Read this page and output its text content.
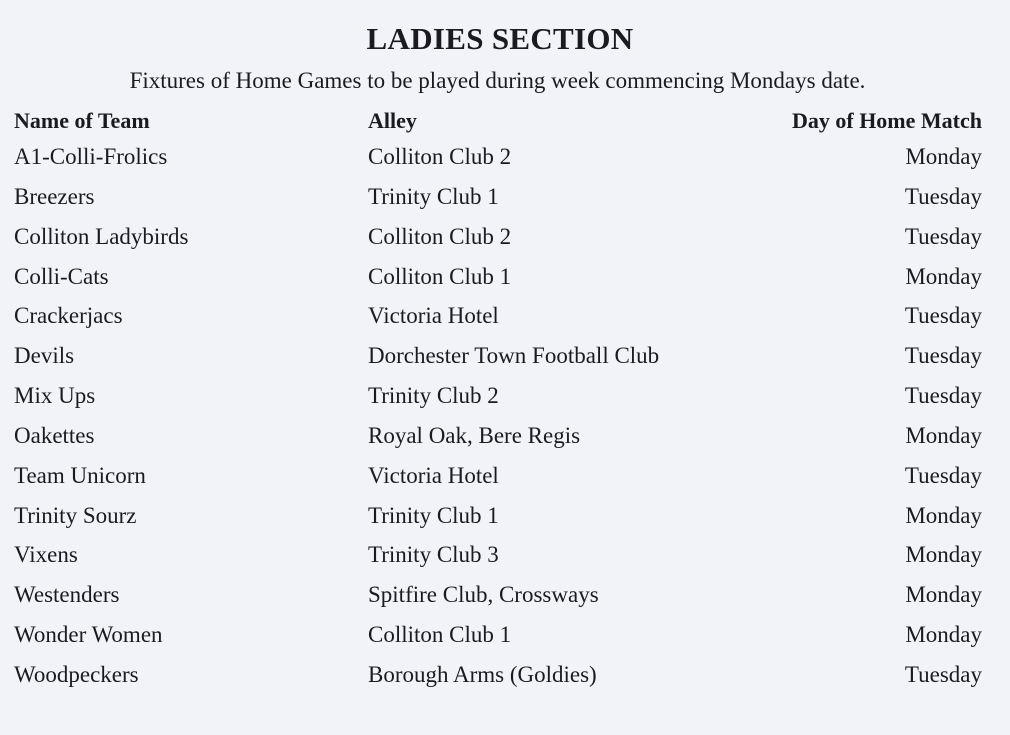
LADIES SECTION
Fixtures of Home Games to be played during week commencing Mondays date.
Name of Team	Alley	Day of Home Match
A1-Colli-Frolics	Colliton Club 2	Monday
Breezers	Trinity Club 1	Tuesday
Colliton Ladybirds	Colliton Club 2	Tuesday
Colli-Cats	Colliton Club 1	Monday
Crackerjacs	Victoria Hotel	Tuesday
Devils	Dorchester Town Football Club	Tuesday
Mix Ups	Trinity Club 2	Tuesday
Oakettes	Royal Oak, Bere Regis	Monday
Team Unicorn	Victoria Hotel	Tuesday
Trinity Sourz	Trinity Club 1	Monday
Vixens	Trinity Club 3	Monday
Westenders	Spitfire Club, Crossways	Monday
Wonder Women	Colliton Club 1	Monday
Woodpeckers	Borough Arms (Goldies)	Tuesday
